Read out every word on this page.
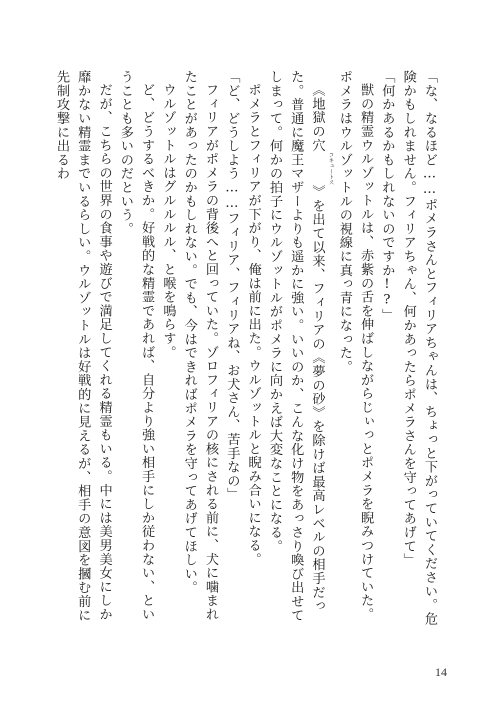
「な、なるほど……ポメラさんとフィリアちゃんは、ちょっと下がっていてください。危険かもしれません。フィリアちゃん、何かあったらポメラさんを守ってあげて」

「何かあるかもしれないのですか!?」

獣の精霊ウルゾットルは、赤紫の舌を伸ばしながらじぃっとポメラを睨みつけていた。ポメラはウルゾットルの視線に真っ青になった。

《地獄の穴コキュートス》を出て以来、フィリアの《夢の砂》を除けば最高レベルの相手だった。普通に魔王マザーよりも遥かに強い。いいのか、こんな化け物をあっさり喚び出せてしまって。何かの拍子にウルゾットルがポメラに向かえば大変なことになる。

ポメラとフィリアが下がり、俺は前に出た。ウルゾットルと睨み合いになる。

「ど、どうしよう……フィリア、フィリアね、お犬さん、苦手なの」

フィリアがポメラの背後へと回っていた。ゾロフィリアの核にされる前に、犬に噛まれたことがあったのかもしれない。でも、今はできればポメラを守ってあげてほしい。

ウルゾットルはグルルルル、と喉を鳴らす。

ど、どうするべきか。好戦的な精霊であれば、自分より強い相手にしか従わない、ということも多いのだという。

だが、こちらの世界の食事や遊びで満足してくれる精霊もいる。中には美男美女にしか靡かない精霊までいるらしい。ウルゾットルは好戦的に見えるが、相手の意図を摑む前に先制攻撃に出るわ

14
